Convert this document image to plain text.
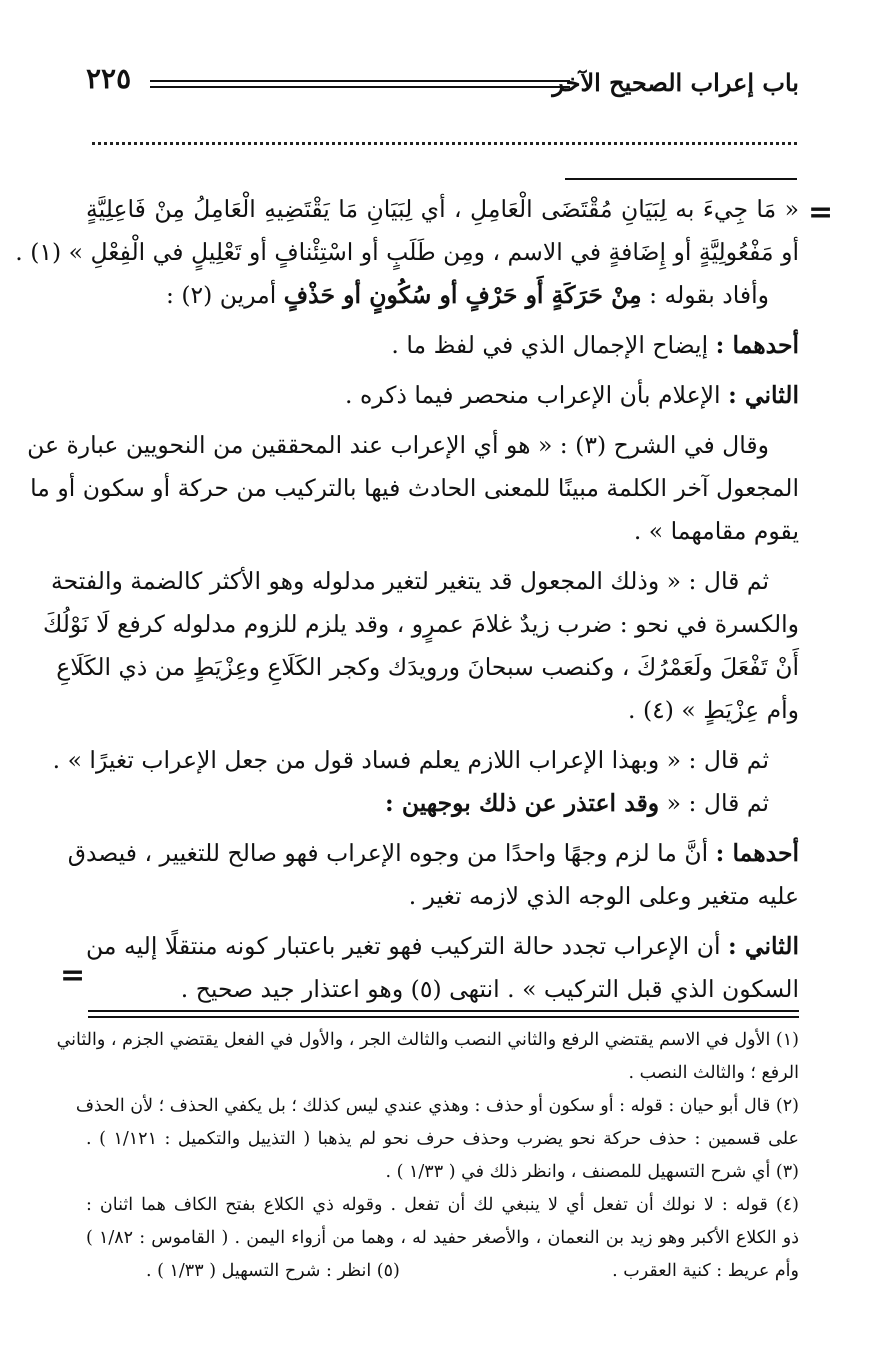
باب إعراب الصحيح الآخر
٢٢٥
=
=
« مَا جِيءَ به لِبَيَانِ مُقْتَضَى الْعَامِلِ ، أي لِبَيَانِ مَا يَقْتَضِيهِ الْعَامِلُ مِنْ فَاعِلِيَّةٍ
أو مَفْعُولِيَّةٍ أو إِضَافةٍ في الاسم ، ومِن طَلَبٍ أو اسْتِئْنافٍ أو تَعْلِيلٍ في الْفِعْلِ » (١) .
وأفاد بقوله : مِنْ حَرَكَةٍ أَو حَرْفٍ أو سُكُونٍ أو حَذْفٍ أمرين (٢) :
أحدهما : إيضاح الإجمال الذي في لفظ ما .
الثاني : الإعلام بأن الإعراب منحصر فيما ذكره .
وقال في الشرح (٣) : « هو أي الإعراب عند المحققين من النحويين عبارة عن
المجعول آخر الكلمة مبينًا للمعنى الحادث فيها بالتركيب من حركة أو سكون أو ما
يقوم مقامهما » .
ثم قال : « وذلك المجعول قد يتغير لتغير مدلوله وهو الأكثر كالضمة والفتحة
والكسرة في نحو : ضرب زيدٌ غلامَ عمرٍو ، وقد يلزم للزوم مدلوله كرفع لَا نَوْلُكَ
أَنْ تَفْعَلَ ولَعَمْرُكَ ، وكنصب سبحانَ ورويدَك وكجر الكَلَاعِ وعِزْيَطٍ من ذي الكَلَاعِ
وأم عِزْيَطٍ » (٤) .
ثم قال : « وبهذا الإعراب اللازم يعلم فساد قول من جعل الإعراب تغيرًا » .
ثم قال : « وقد اعتذر عن ذلك بوجهين :
أحدهما : أنَّ ما لزم وجهًا واحدًا من وجوه الإعراب فهو صالح للتغيير ، فيصدق
عليه متغير وعلى الوجه الذي لازمه تغير .
الثاني : أن الإعراب تجدد حالة التركيب فهو تغير باعتبار كونه منتقلًا إليه من
السكون الذي قبل التركيب » . انتهى (٥) وهو اعتذار جيد صحيح .
(١) الأول في الاسم يقتضي الرفع والثاني النصب والثالث الجر ، والأول في الفعل يقتضي الجزم ، والثاني
الرفع ؛ والثالث النصب .
(٢) قال أبو حيان : قوله : أو سكون أو حذف : وهذي عندي ليس كذلك ؛ بل يكفي الحذف ؛ لأن الحذف
على قسمين : حذف حركة نحو يضرب وحذف حرف نحو لم يذهبا ( التذييل والتكميل : ١/١٢١ ) .
(٣) أي شرح التسهيل للمصنف ، وانظر ذلك في ( ١/٣٣ ) .
(٤) قوله : لا نولك أن تفعل أي لا ينبغي لك أن تفعل . وقوله ذي الكلاع بفتح الكاف هما اثنان :
ذو الكلاع الأكبر وهو زيد بن النعمان ، والأصغر حفيد له ، وهما من أزواء اليمن . ( القاموس : ١/٨٢ )
وأم عريط : كنية العقرب .
(٥) انظر : شرح التسهيل ( ١/٣٣ ) .
